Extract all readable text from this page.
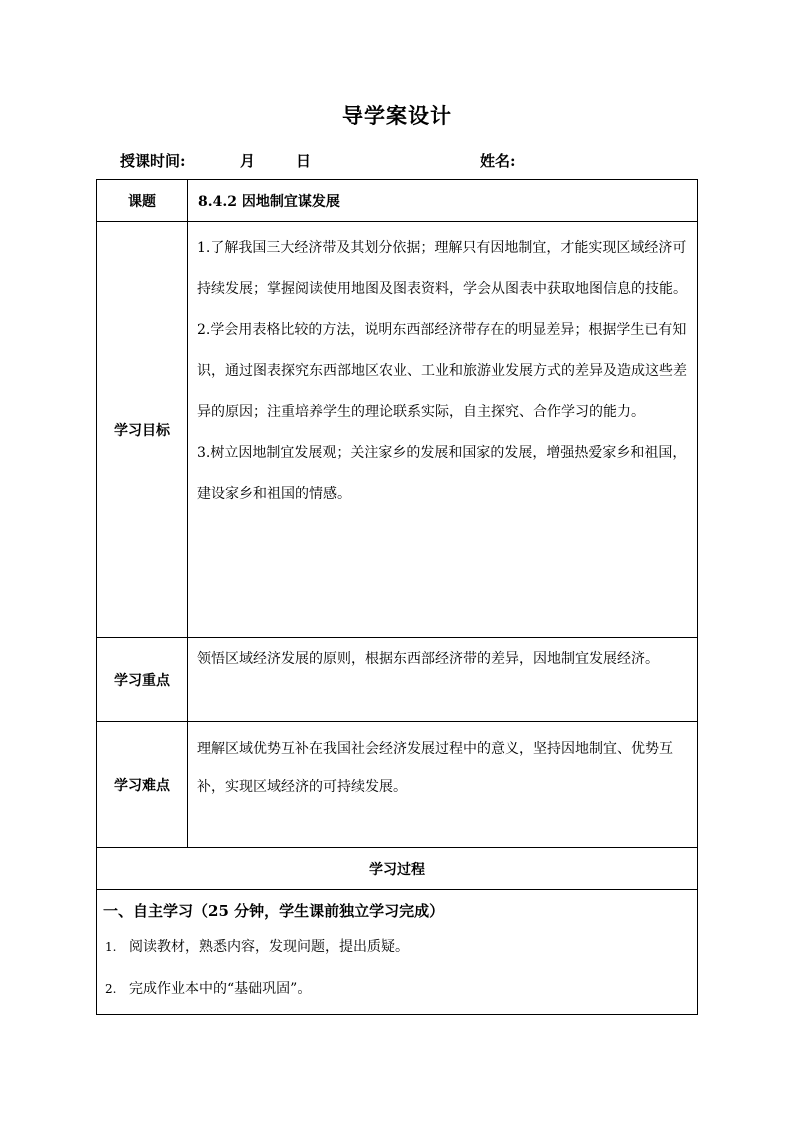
导学案设计
授课时间:	月	日	姓名:
课题	8.4.2 因地制宜谋发展
学习目标	1.了解我国三大经济带及其划分依据；理解只有因地制宜，才能实现区域经济可持续发展；掌握阅读使用地图及图表资料，学会从图表中获取地图信息的技能。

2.学会用表格比较的方法，说明东西部经济带存在的明显差异；根据学生已有知识，通过图表探究东西部地区农业、工业和旅游业发展方式的差异及造成这些差异的原因；注重培养学生的理论联系实际，自主探究、合作学习的能力。

3.树立因地制宜发展观；关注家乡的发展和国家的发展，增强热爱家乡和祖国，建设家乡和祖国的情感。

学习重点	领悟区域经济发展的原则，根据东西部经济带的差异，因地制宜发展经济。
学习难点	理解区域优势互补在我国社会经济发展过程中的意义，坚持因地制宜、优势互补，实现区域经济的可持续发展。
学习过程	

一、自主学习（25 分钟，学生课前独立学习完成）
1. 阅读教材，熟悉内容，发现问题，提出质疑。
2. 完成作业本中的“基础巩固”。	
